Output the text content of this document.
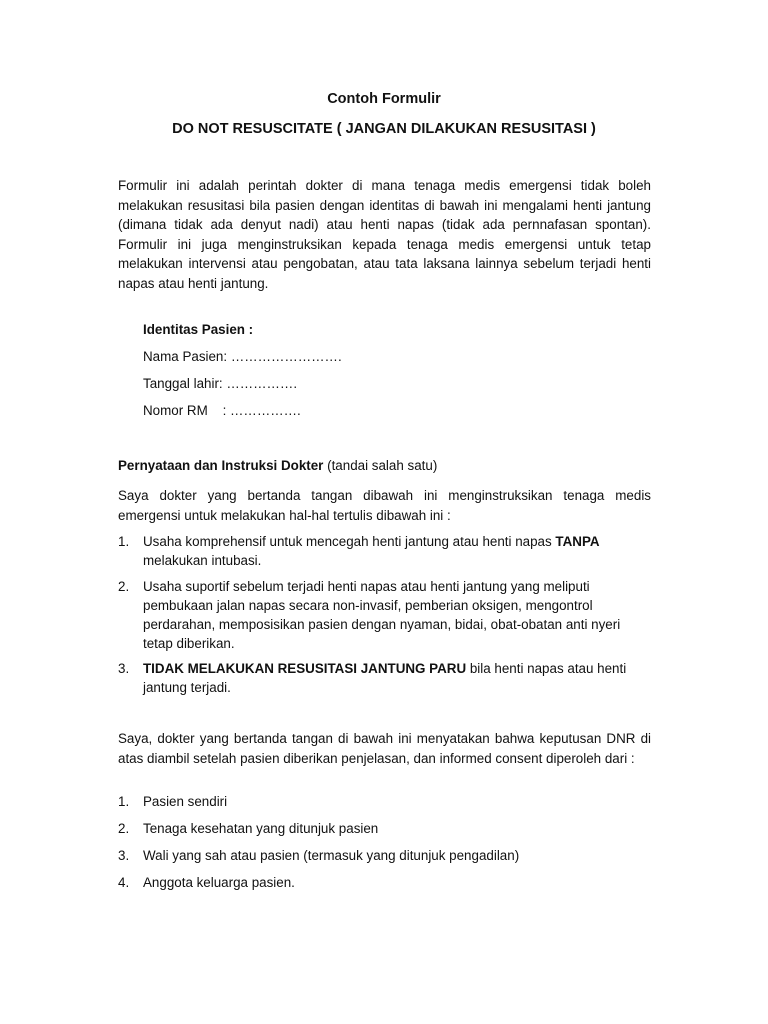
Contoh Formulir

DO NOT RESUSCITATE ( JANGAN DILAKUKAN RESUSITASI )

Formulir ini adalah perintah dokter di mana tenaga medis emergensi tidak boleh melakukan resusitasi bila pasien dengan identitas di bawah ini mengalami henti jantung (dimana tidak ada denyut nadi) atau henti napas (tidak ada pernnafasan spontan). Formulir ini juga menginstruksikan kepada tenaga medis emergensi untuk tetap melakukan intervensi atau pengobatan, atau tata laksana lainnya sebelum terjadi henti napas atau henti jantung.

Identitas Pasien :

Nama Pasien: …………………….

Tanggal lahir: …………….

Nomor RM    : …………….

Pernyataan dan Instruksi Dokter (tandai salah satu)

Saya dokter yang bertanda tangan dibawah ini menginstruksikan tenaga medis emergensi untuk melakukan hal-hal tertulis dibawah ini :

1.	Usaha komprehensif untuk mencegah henti jantung atau henti napas TANPA melakukan intubasi.
2.	Usaha suportif sebelum terjadi henti napas atau henti jantung yang meliputi pembukaan jalan napas secara non-invasif, pemberian oksigen, mengontrol perdarahan, memposisikan pasien dengan nyaman, bidai, obat-obatan anti nyeri tetap diberikan.
3.	TIDAK MELAKUKAN RESUSITASI JANTUNG PARU bila henti napas atau henti jantung terjadi.

Saya, dokter yang bertanda tangan di bawah ini menyatakan bahwa keputusan DNR di atas diambil setelah pasien diberikan penjelasan, dan informed consent diperoleh dari :

1.	Pasien sendiri
2.	Tenaga kesehatan yang ditunjuk pasien
3.	Wali yang sah atau pasien (termasuk yang ditunjuk pengadilan)
4.	Anggota keluarga pasien.
